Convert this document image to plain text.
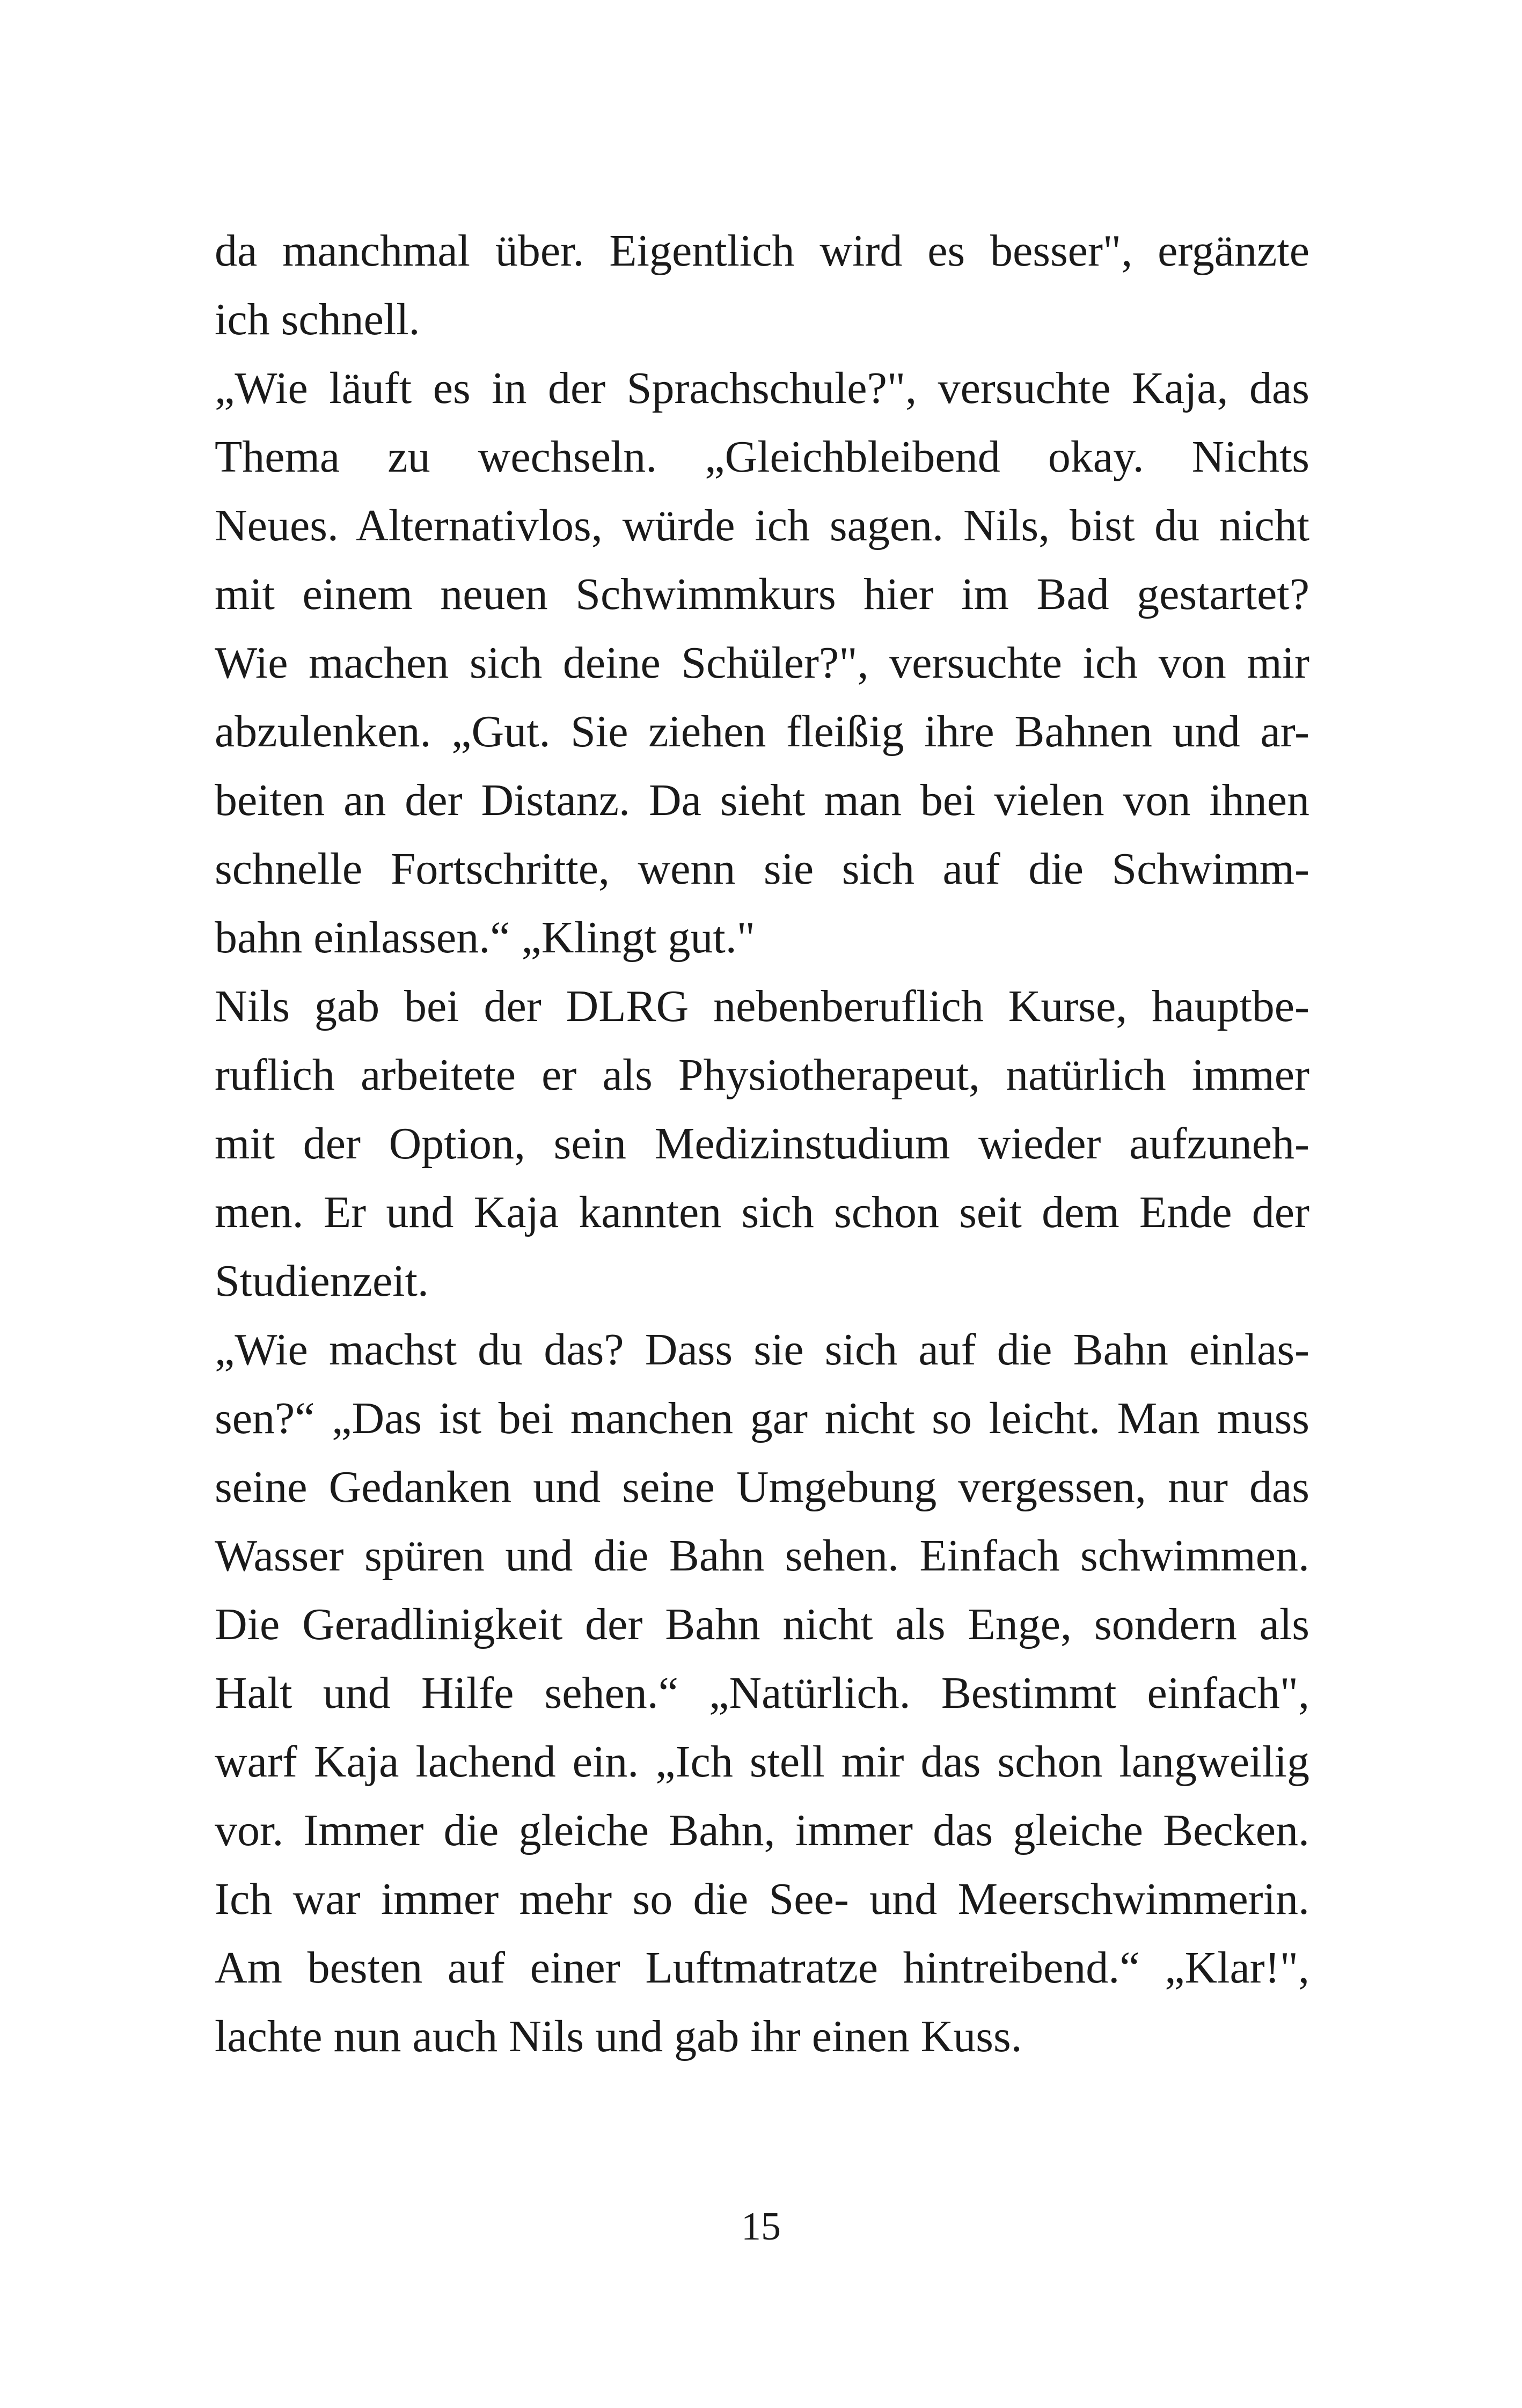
da manchmal über. Eigentlich wird es besser", ergänzte
ich schnell.
„Wie läuft es in der Sprachschule?", versuchte Kaja, das
Thema zu wechseln. „Gleichbleibend okay. Nichts
Neues. Alternativlos, würde ich sagen. Nils, bist du nicht
mit einem neuen Schwimmkurs hier im Bad gestartet?
Wie machen sich deine Schüler?", versuchte ich von mir
abzulenken. „Gut. Sie ziehen fleißig ihre Bahnen und ar-
beiten an der Distanz. Da sieht man bei vielen von ihnen
schnelle Fortschritte, wenn sie sich auf die Schwimm-
bahn einlassen.“ „Klingt gut."
Nils gab bei der DLRG nebenberuflich Kurse, hauptbe-
ruflich arbeitete er als Physiotherapeut, natürlich immer
mit der Option, sein Medizinstudium wieder aufzuneh-
men. Er und Kaja kannten sich schon seit dem Ende der
Studienzeit.
„Wie machst du das? Dass sie sich auf die Bahn einlas-
sen?“ „Das ist bei manchen gar nicht so leicht. Man muss
seine Gedanken und seine Umgebung vergessen, nur das
Wasser spüren und die Bahn sehen. Einfach schwimmen.
Die Geradlinigkeit der Bahn nicht als Enge, sondern als
Halt und Hilfe sehen.“ „Natürlich. Bestimmt einfach",
warf Kaja lachend ein. „Ich stell mir das schon langweilig
vor. Immer die gleiche Bahn, immer das gleiche Becken.
Ich war immer mehr so die See- und Meerschwimmerin.
Am besten auf einer Luftmatratze hintreibend.“ „Klar!",
lachte nun auch Nils und gab ihr einen Kuss.
15
